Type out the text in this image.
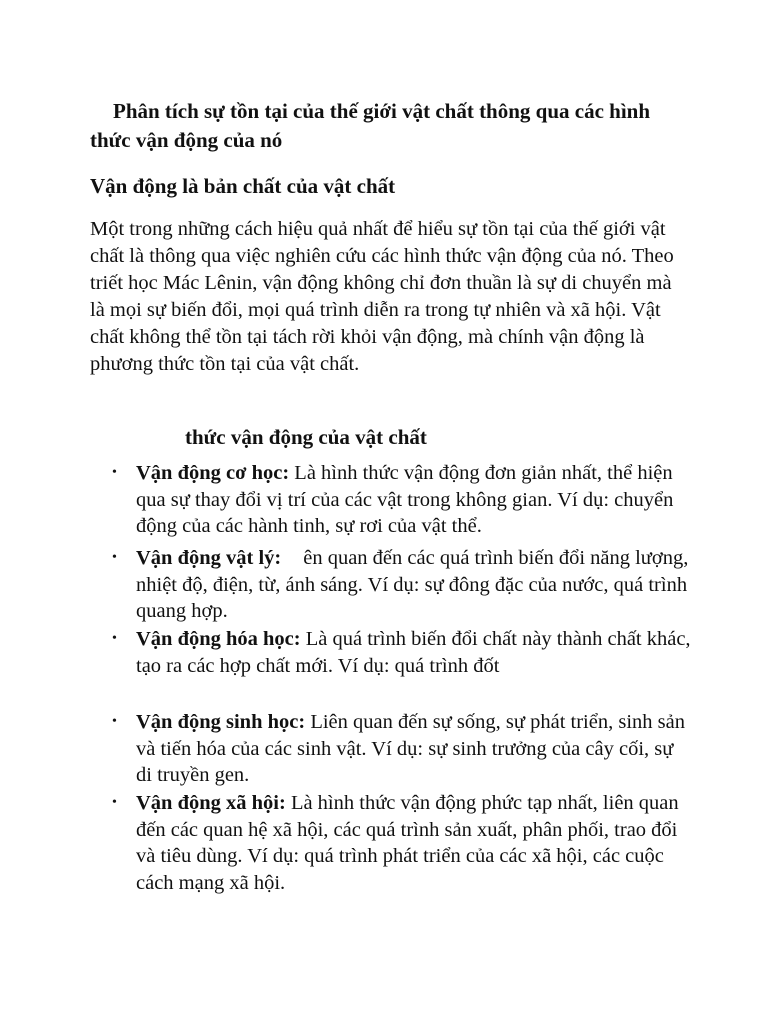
Phân tích sự tồn tại của thế giới vật chất thông qua các hình thức vận động của nó
Vận động là bản chất của vật chất

Một trong những cách hiệu quả nhất để hiểu sự tồn tại của thế giới vật chất là thông qua việc nghiên cứu các hình thức vận động của nó. Theo triết học Mác Lênin, vận động không chỉ đơn thuần là sự di chuyển mà là mọi sự biến đổi, mọi quá trình diễn ra trong tự nhiên và xã hội. Vật chất không thể tồn tại tách rời khỏi vận động, mà chính vận động là phương thức tồn tại của vật chất.

thức vận động của vật chất
• Vận động cơ học: Là hình thức vận động đơn giản nhất, thể hiện qua sự thay đổi vị trí của các vật trong không gian. Ví dụ: chuyển động của các hành tinh, sự rơi của vật thể.
• Vận động vật lý: ên quan đến các quá trình biến đổi năng lượng, nhiệt độ, điện, từ, ánh sáng. Ví dụ: sự đông đặc của nước, quá trình quang hợp.
• Vận động hóa học: Là quá trình biến đổi chất này thành chất khác, tạo ra các hợp chất mới. Ví dụ: quá trình đốt
• Vận động sinh học: Liên quan đến sự sống, sự phát triển, sinh sản và tiến hóa của các sinh vật. Ví dụ: sự sinh trưởng của cây cối, sự di truyền gen.
• Vận động xã hội: Là hình thức vận động phức tạp nhất, liên quan đến các quan hệ xã hội, các quá trình sản xuất, phân phối, trao đổi và tiêu dùng. Ví dụ: quá trình phát triển của các xã hội, các cuộc cách mạng xã hội.
